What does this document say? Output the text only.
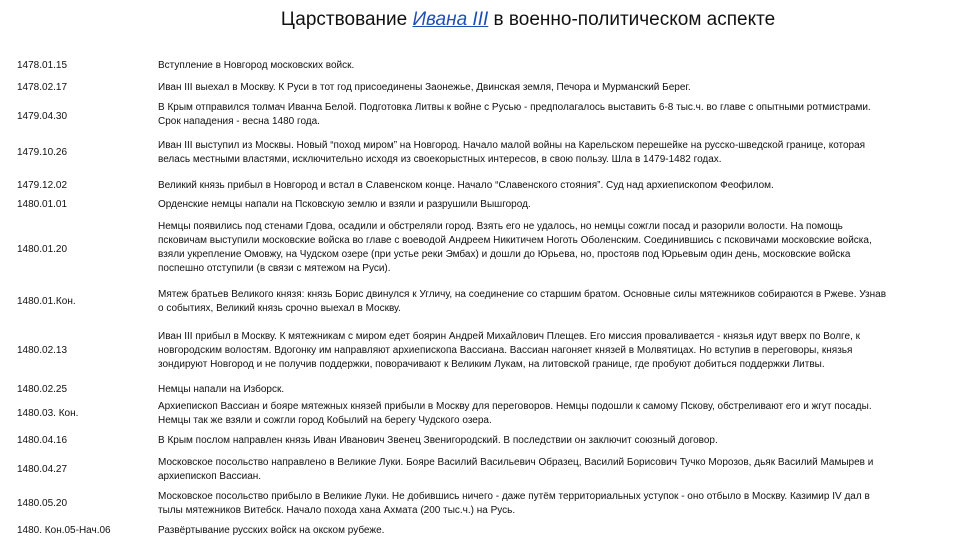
Царствование Ивана III в военно-политическом аспекте
1478.01.15	Вступление в Новгород московских войск.
1478.02.17	Иван III выехал в Москву. К Руси в тот год присоединены Заонежье, Двинская земля, Печора и Мурманский Берег.
1479.04.30
В Крым отправился толмач Иванча Белой. Подготовка Литвы к войне с Русью - предполагалось выставить 6-8 тыс.ч. во главе с опытными ротмистрами.
Срок нападения - весна 1480 года.
1479.10.26
Иван III выступил из Москвы. Новый “поход миром” на Новгород. Начало малой войны на Карельском перешейке на русско-шведской границе, которая
велась местными властями, исключительно исходя из своекорыстных интересов, в свою пользу. Шла в 1479-1482 годах.
1479.12.02	Великий князь прибыл в Новгород и встал в Славенском конце. Начало “Славенского стояния”. Суд над архиепископом Феофилом.
1480.01.01	Орденские немцы напали на Псковскую землю и взяли и разрушили Вышгород.
1480.01.20
Немцы появились под стенами Гдова, осадили и обстреляли город. Взять его не удалось, но немцы сожгли посад и разорили волости. На помощь
псковичам выступили московские войска во главе с воеводой Андреем Никитичем Ноготь Оболенским. Соединившись с псковичами московские войска,
взяли укрепление Омовжу, на Чудском озере (при устье реки Эмбах) и дошли до Юрьева, но, простояв под Юрьевым один день, московские войска
поспешно отступили (в связи с мятежом на Руси).
1480.01.Кон.
Мятеж братьев Великого князя: князь Борис двинулся к Угличу, на соединение со старшим братом. Основные силы мятежников собираются в Ржеве. Узнав
о событиях, Великий князь срочно выехал в Москву.
1480.02.13
Иван III прибыл в Москву. К мятежникам с миром едет боярин Андрей Михайлович Плещев. Его миссия проваливается - князья идут вверх по Волге, к
новгородским волостям. Вдогонку им направляют архиепископа Вассиана. Вассиан нагоняет князей в Молвятицах. Но вступив в переговоры, князья
зондируют Новгород и не получив поддержки, поворачивают к Великим Лукам, на литовской границе, где пробуют добиться поддержки Литвы.
1480.02.25	Немцы напали на Изборск.
1480.03. Кон.
Архиепископ Вассиан и бояре мятежных князей прибыли в Москву для переговоров. Немцы подошли к самому Пскову, обстреливают его и жгут посады.
Немцы так же взяли и сожгли город Кобылий на берегу Чудского озера.
1480.04.16	В Крым послом направлен князь Иван Иванович Звенец Звенигородский. В последствии он заключит союзный договор.
1480.04.27
Московское посольство направлено в Великие Луки. Бояре Василий Васильевич Образец, Василий Борисович Тучко Морозов, дьяк Василий Мамырев и
архиепископ Вассиан.
1480.05.20
Московское посольство прибыло в Великие Луки. Не добившись ничего - даже путём территориальных уступок - оно отбыло в Москву. Казимир IV дал в
тылы мятежников Витебск. Начало похода хана Ахмата (200 тыс.ч.) на Русь.
1480. Кон.05-Нач.06	Развёртывание русских войск на окском рубеже.
